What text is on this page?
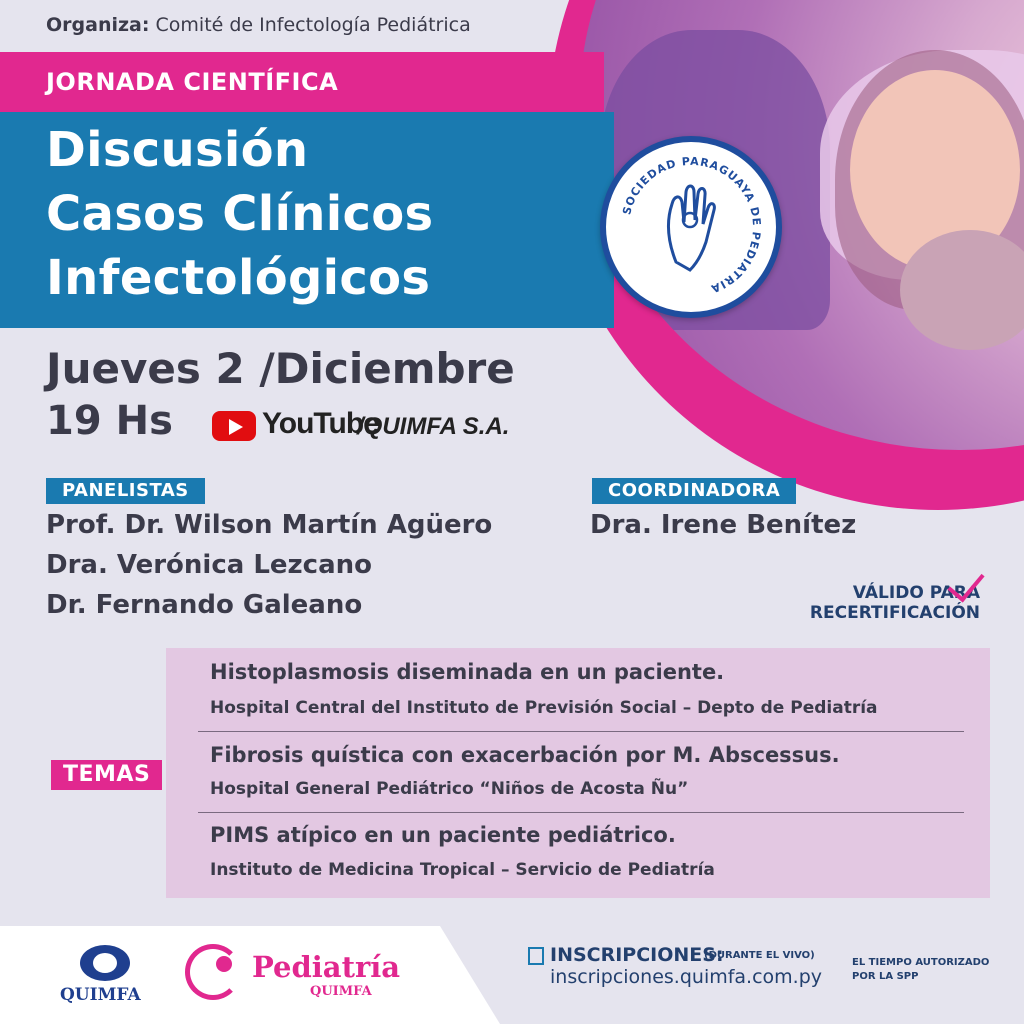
Organiza: Comité de Infectología Pediátrica
JORNADA CIENTÍFICA
Discusión
Casos Clínicos
Infectológicos
SOCIEDAD PARAGUAYA DE PEDIATRIA
Jueves 2 /Diciembre
19 Hs	YouTube
/QUIMFA S.A.
PANELISTAS
Prof. Dr. Wilson Martín Agüero
Dra. Verónica Lezcano
Dr. Fernando Galeano
COORDINADORA
Dra. Irene Benítez
VÁLIDO PARA
RECERTIFICACIÓN
TEMAS
Histoplasmosis diseminada en un paciente.
Hospital Central del Instituto de Previsión Social – Depto de Pediatría
Fibrosis quística con exacerbación por M. Abscessus.
Hospital General Pediátrico “Niños de Acosta Ñu”
PIMS atípico en un paciente pediátrico.
Instituto de Medicina Tropical – Servicio de Pediatría
QUIMFA
Pediatría
QUIMFA
INSCRIPCIONES:
(DURANTE EL VIVO)
inscripciones.quimfa.com.py
EL TIEMPO AUTORIZADO
POR LA SPP
